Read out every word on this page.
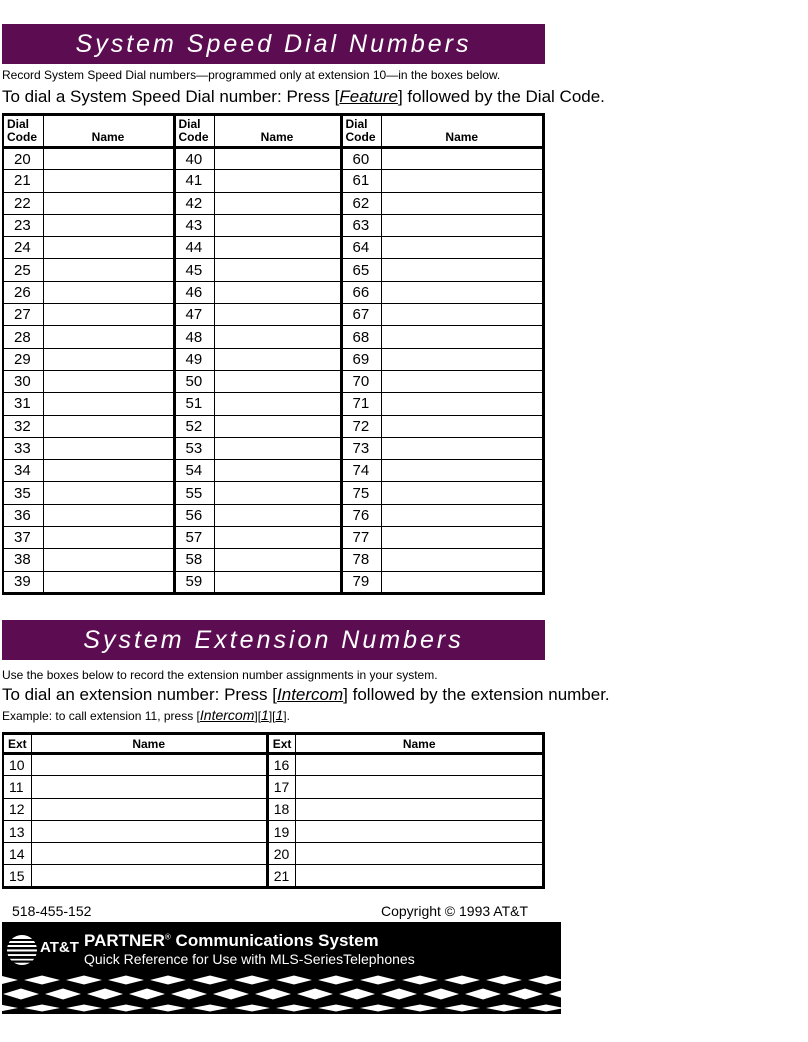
System Speed Dial Numbers
Record System Speed Dial numbers—programmed only at extension 10—in the boxes below.
To dial a System Speed Dial number: Press [Feature] followed by the Dial Code.
Dial
Code	Name	Dial
Code	Name	Dial
Code	Name
20		40		60	
21		41		61	
22		42		62	
23		43		63	
24		44		64	
25		45		65	
26		46		66	
27		47		67	
28		48		68	
29		49		69	
30		50		70	
31		51		71	
32		52		72	
33		53		73	
34		54		74	
35		55		75	
36		56		76	
37		57		77	
38		58		78	
39		59		79	
System Extension Numbers
Use the boxes below to record the extension number assignments in your system.
To dial an extension number: Press [Intercom] followed by the extension number.
Example: to call extension 11, press [Intercom][1][1].
Ext	Name	Ext	Name
10		16	
11		17	
12		18	
13		19	
14		20	
15		21	
518-455-152	Copyright © 1993 AT&T
AT&T PARTNER® Communications System
Quick Reference for Use with MLS-SeriesTelephones
